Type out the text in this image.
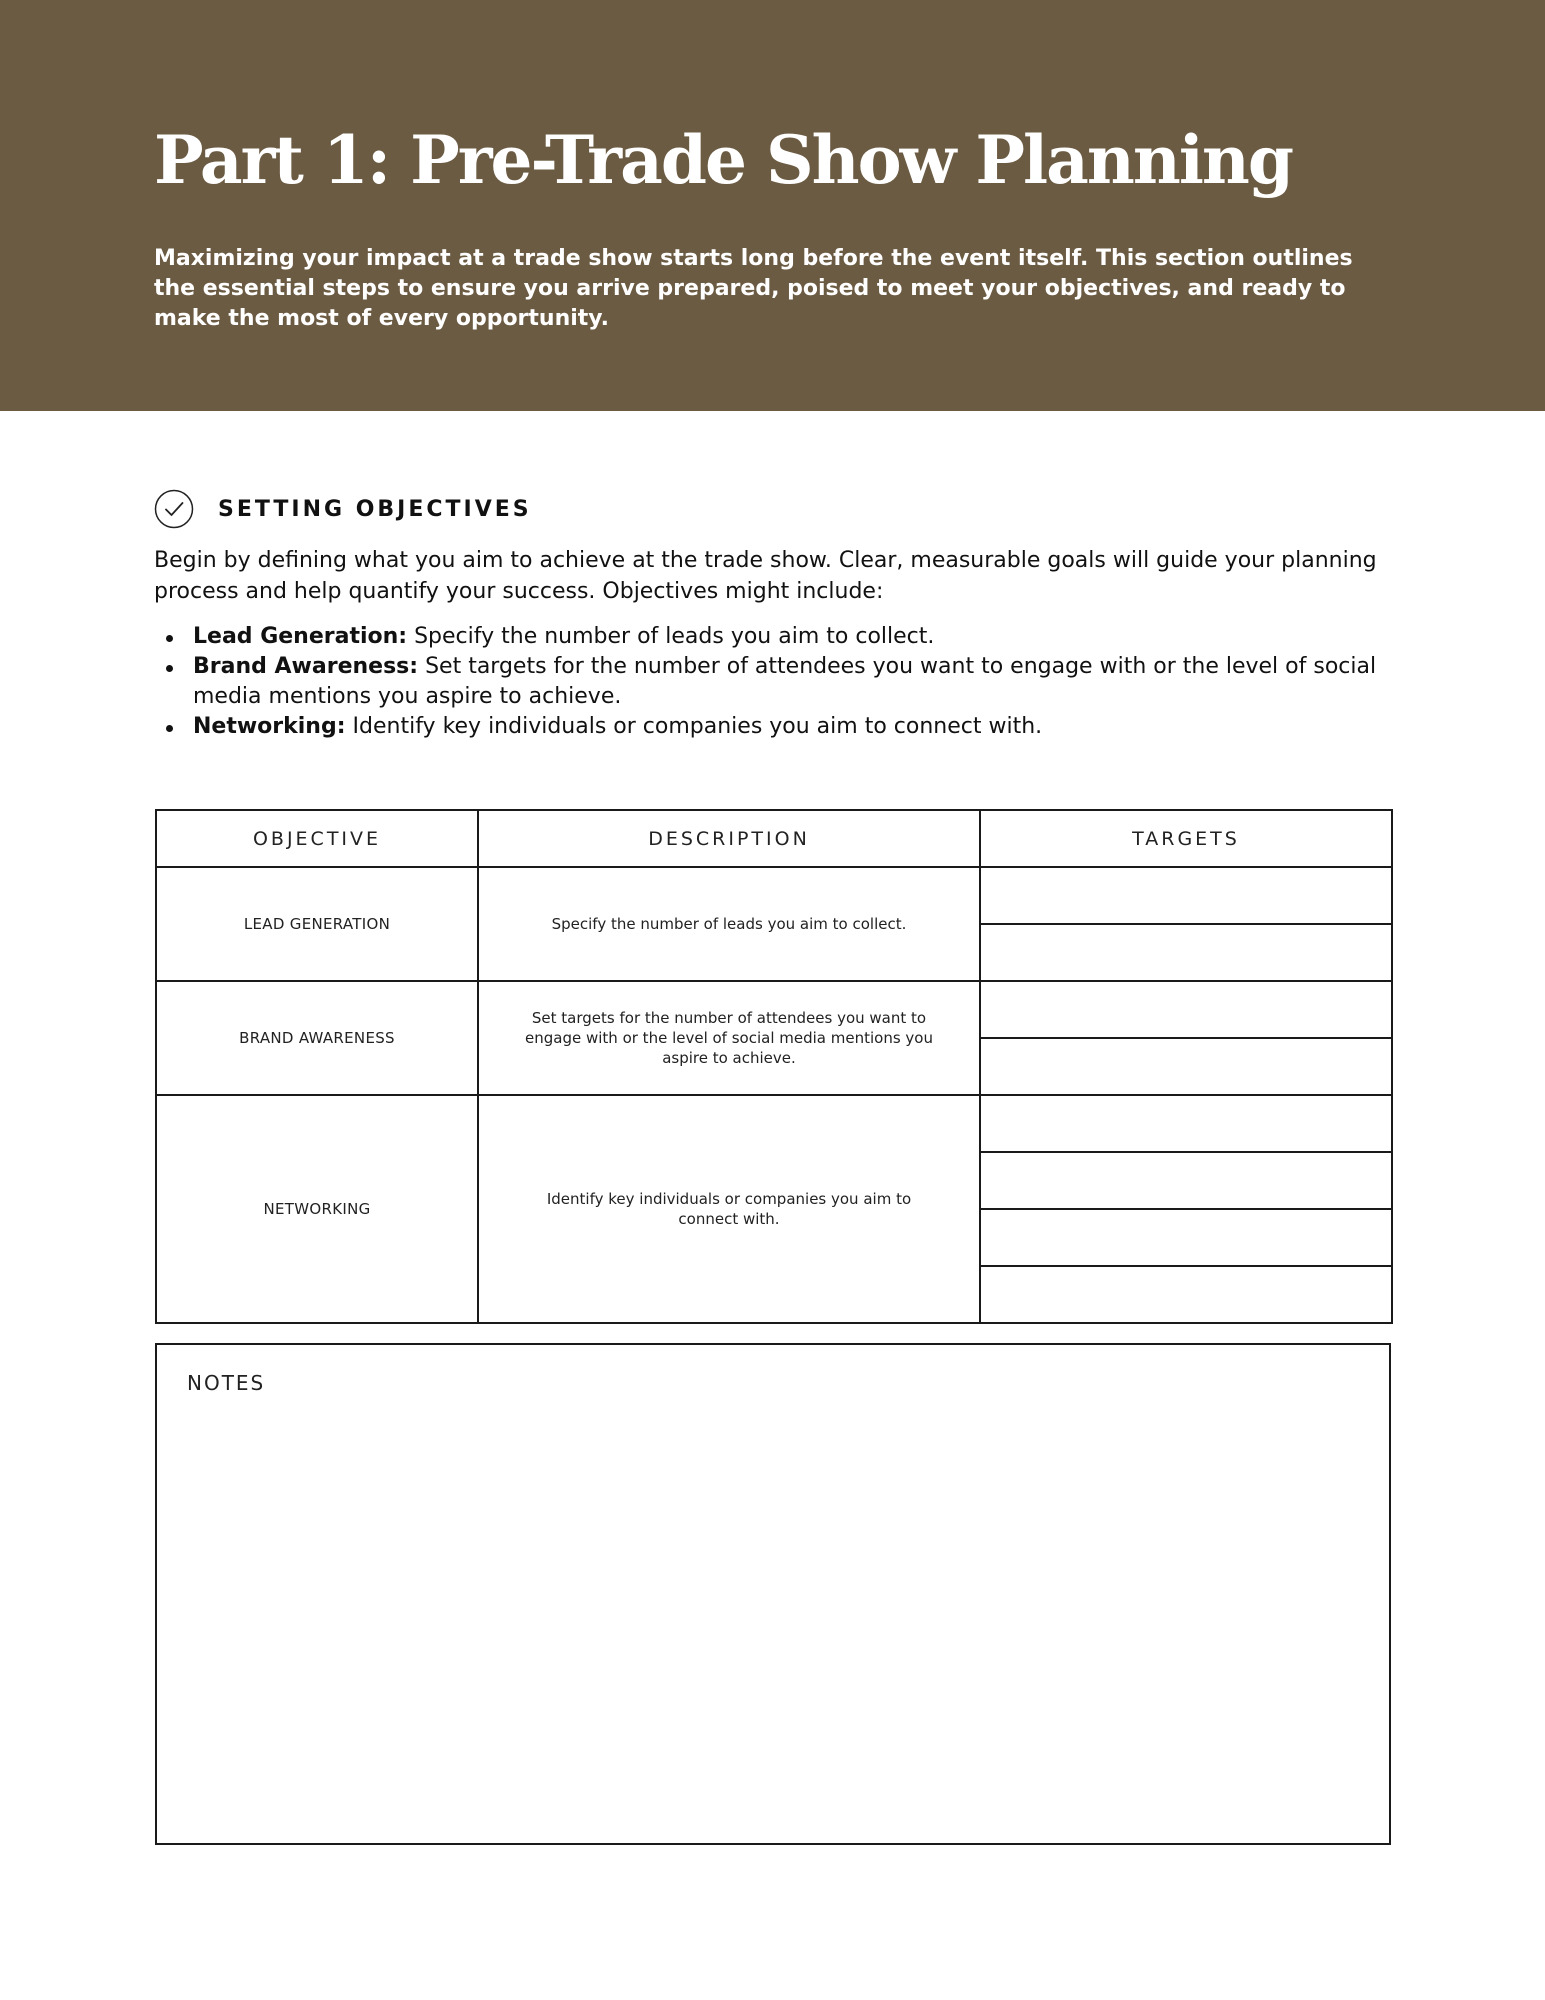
Part 1: Pre-Trade Show Planning

Maximizing your impact at a trade show starts long before the event itself. This section outlines the essential steps to ensure you arrive prepared, poised to meet your objectives, and ready to make the most of every opportunity.

SETTING OBJECTIVES

Begin by defining what you aim to achieve at the trade show. Clear, measurable goals will guide your planning process and help quantify your success. Objectives might include:

Lead Generation: Specify the number of leads you aim to collect.
Brand Awareness: Set targets for the number of attendees you want to engage with or the level of social media mentions you aspire to achieve.
Networking: Identify key individuals or companies you aim to connect with.
OBJECTIVE	DESCRIPTION	TARGETS
LEAD GENERATION	Specify the number of leads you aim to collect.	

BRAND AWARENESS	Set targets for the number of attendees you want to engage with or the level of social media mentions you aspire to achieve.	

NETWORKING	Identify key individuals or companies you aim to connect with.	

NOTES
